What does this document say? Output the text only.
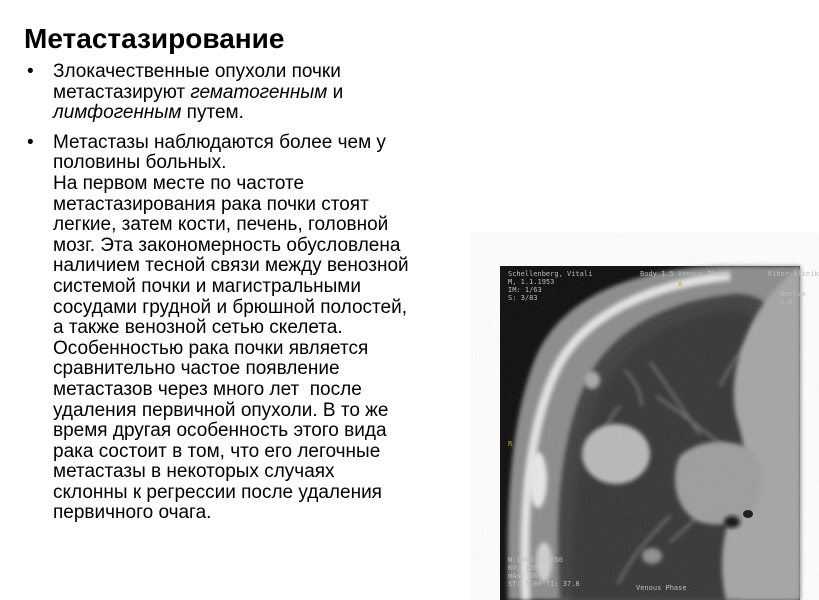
Метастазирование
• Злокачественные опухоли почки
метастазируют гематогенным и
лимфогенным путем.
• Метастазы наблюдаются более чем у
половины больных.
На первом месте по частоте
метастазирования рака почки стоят
легкие, затем кости, печень, головной
мозг. Эта закономерность обусловлена
наличием тесной связи между венозной
системой почки и магистральными
сосудами грудной и брюшной полостей,
а также венозной сетью скелета.
Особенностью рака почки является
сравнительно частое появление
метастазов через много лет  после
удаления первичной опухоли. В то же
время другая особенность этого вида
рака состоит в том, что его легочные
метастазы в некоторых случаях
склонны к регрессии после удаления
первичного очага.
Schellenberg, Vitali
M, 1.1.1953
IM: 1/63
S: 3/83
Body 1.5 Venous Phase	Kiber-klinik
Berlin
1.0
A
R
W:1500 C:-650
KV: 120
mAs: 86
ST: 5.00 TI: 37.8	Venous Phase
